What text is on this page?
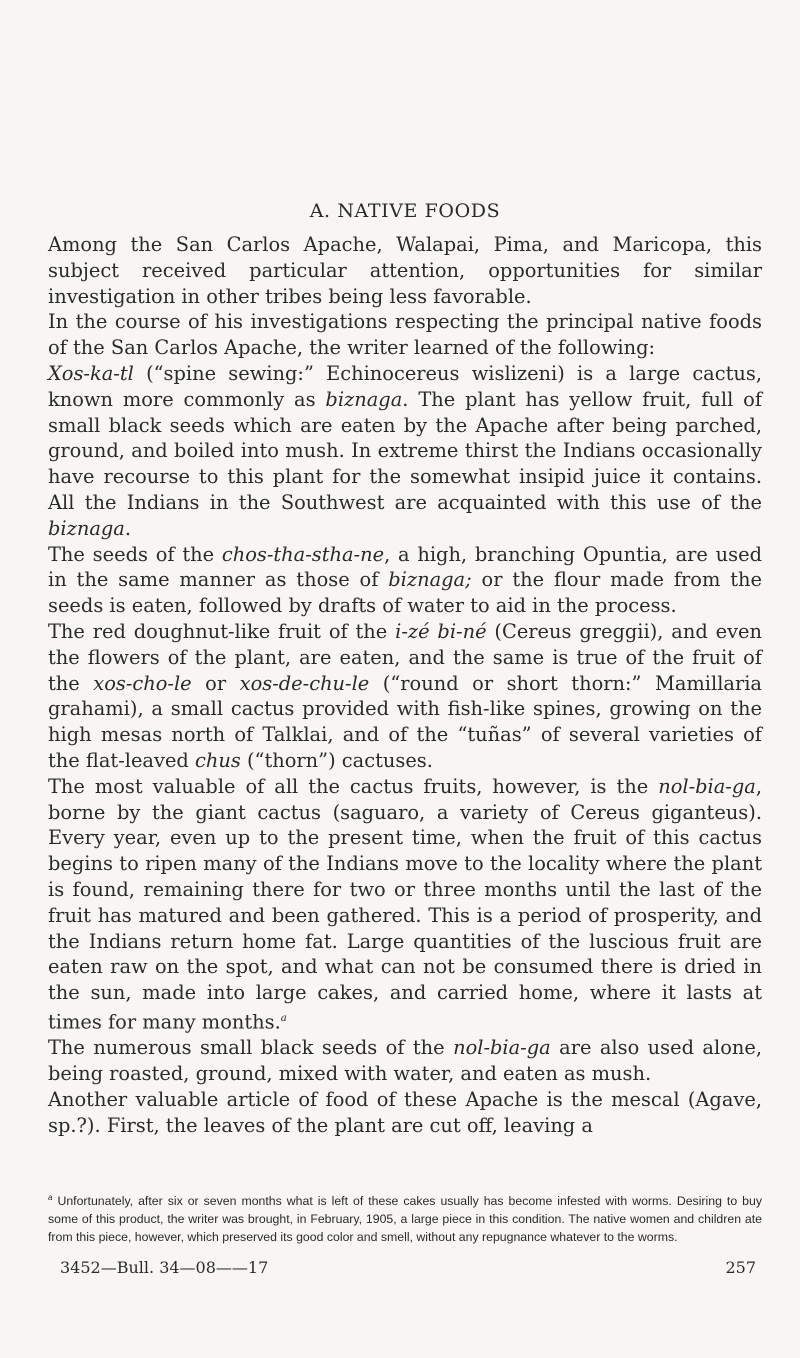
A. NATIVE FOODS

Among the San Carlos Apache, Walapai, Pima, and Maricopa, this subject received particular attention, opportunities for similar investigation in other tribes being less favorable.

In the course of his investigations respecting the principal native foods of the San Carlos Apache, the writer learned of the following:

Xos-ka-tl (“spine sewing:” Echinocereus wislizeni) is a large cactus, known more commonly as biznaga. The plant has yellow fruit, full of small black seeds which are eaten by the Apache after being parched, ground, and boiled into mush. In extreme thirst the Indians occasionally have recourse to this plant for the somewhat insipid juice it contains. All the Indians in the Southwest are acquainted with this use of the biznaga.

The seeds of the chos-tha-stha-ne, a high, branching Opuntia, are used in the same manner as those of biznaga; or the flour made from the seeds is eaten, followed by drafts of water to aid in the process.

The red doughnut-like fruit of the i-zé bi-né (Cereus greggii), and even the flowers of the plant, are eaten, and the same is true of the fruit of the xos-cho-le or xos-de-chu-le (“round or short thorn:” Mamillaria grahami), a small cactus provided with fish-like spines, growing on the high mesas north of Talklai, and of the “tuñas” of several varieties of the flat-leaved chus (“thorn”) cactuses.

The most valuable of all the cactus fruits, however, is the nol-bia-ga, borne by the giant cactus (saguaro, a variety of Cereus giganteus). Every year, even up to the present time, when the fruit of this cactus begins to ripen many of the Indians move to the locality where the plant is found, remaining there for two or three months until the last of the fruit has matured and been gathered. This is a period of prosperity, and the Indians return home fat. Large quantities of the luscious fruit are eaten raw on the spot, and what can not be consumed there is dried in the sun, made into large cakes, and carried home, where it lasts at times for many months.$^a$

The numerous small black seeds of the nol-bia-ga are also used alone, being roasted, ground, mixed with water, and eaten as mush.

Another valuable article of food of these Apache is the mescal (Agave, sp.?). First, the leaves of the plant are cut off, leaving a

$^a$ Unfortunately, after six or seven months what is left of these cakes usually has become infested with worms. Desiring to buy some of this product, the writer was brought, in February, 1905, a large piece in this condition. The native women and children ate from this piece, however, which preserved its good color and smell, without any repugnance whatever to the worms.
3452—Bull. 34—08——17	257
